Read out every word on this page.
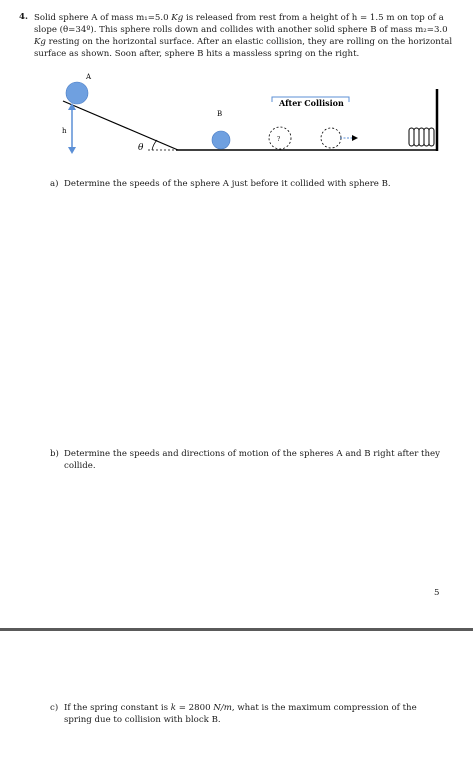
4. Solid sphere A of mass m₁=5.0 Kg is released from rest from a height of h = 1.5 m on top of a slope (θ=34º). This sphere rolls down and collides with another solid sphere B of mass m₂=3.0 Kg resting on the horizontal surface. After an elastic collision, they are rolling on the horizontal surface as shown. Soon after, sphere B hits a massless spring on the right.
θ
A
h
B
After Collision
?
a) Determine the speeds of the sphere A just before it collided with sphere B.
b) Determine the speeds and directions of motion of the spheres A and B right after they collide.
5
c) If the spring constant is k = 2800 N/m, what is the maximum compression of the spring due to collision with block B.
